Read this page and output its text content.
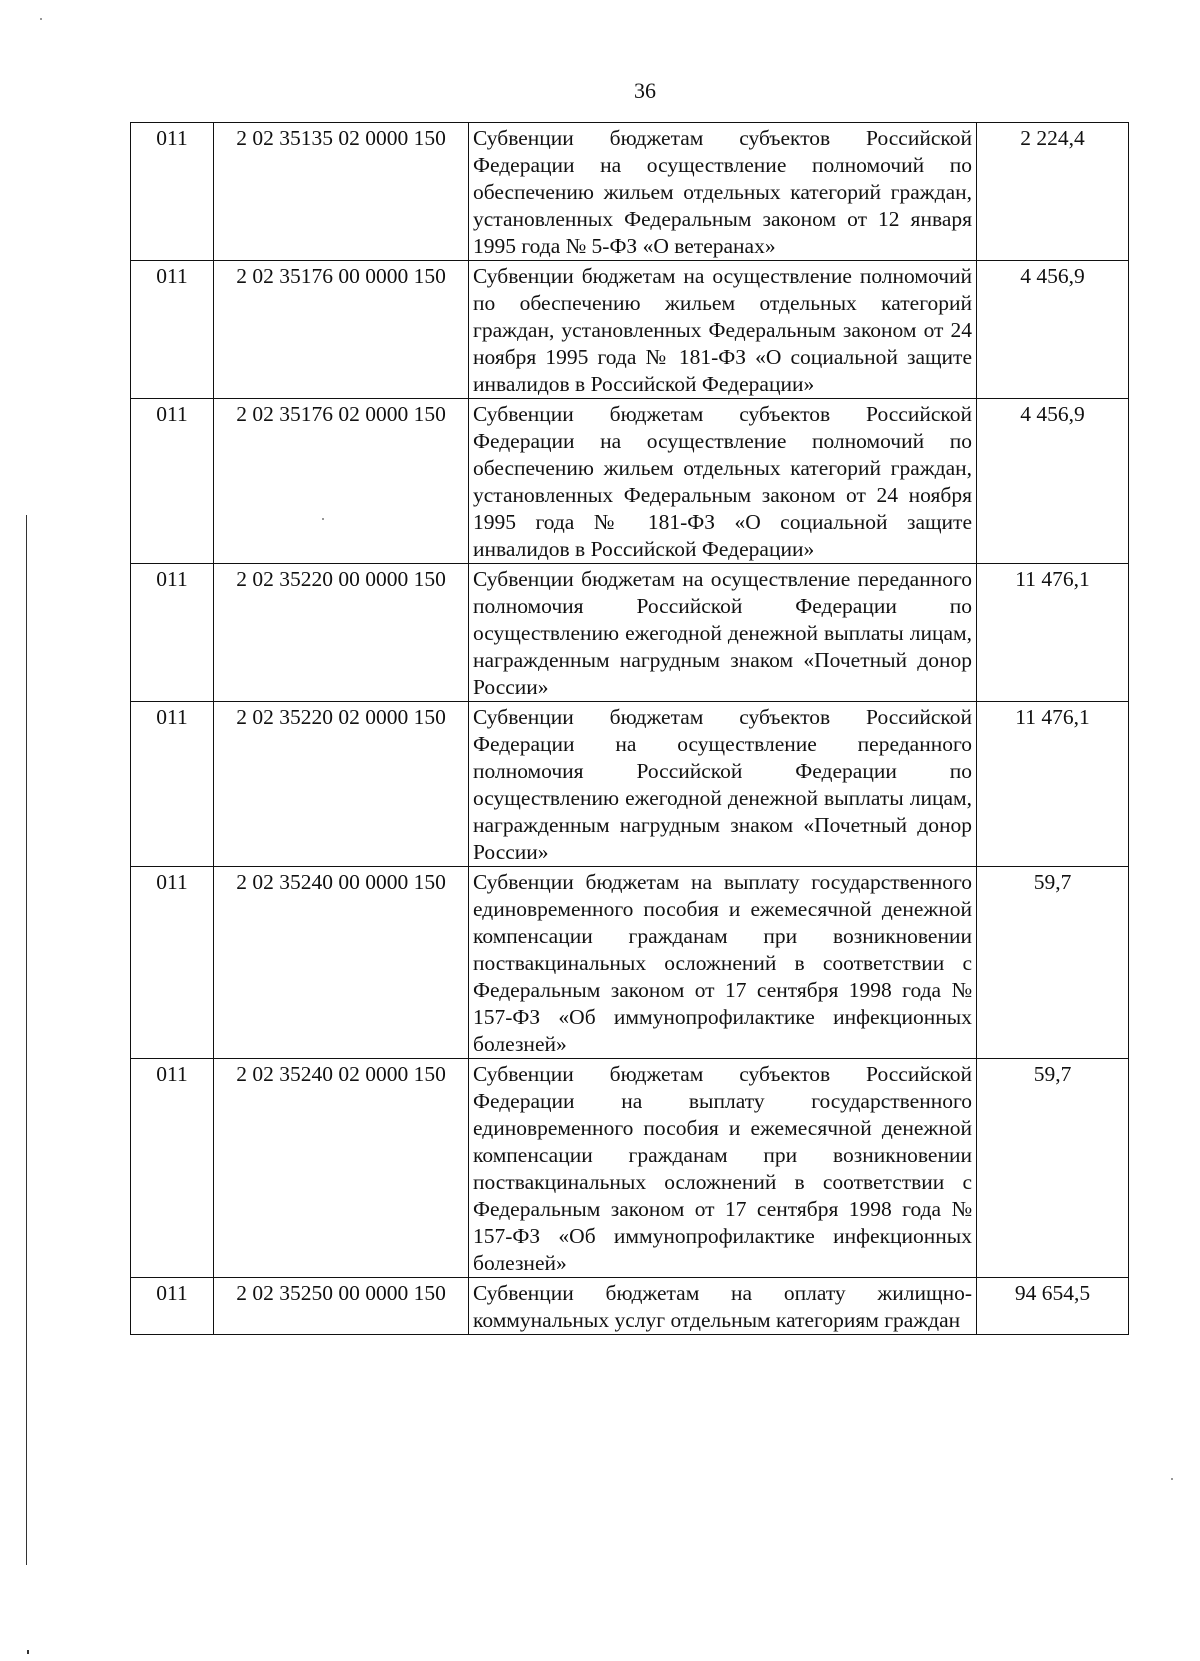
36
011	2 02 35135 02 0000 150	Субвенции бюджетам субъектов Российской Федерации на осуществление полномочий по обеспечению жильем отдельных категорий граждан, установленных Федеральным законом от 12 января 1995 года № 5-ФЗ «О ветеранах»	2 224,4
011	2 02 35176 00 0000 150	Субвенции бюджетам на осуществление полномочий по обеспечению жильем отдельных категорий граждан, установленных Федеральным законом от 24 ноября 1995 года № 181-ФЗ «О социальной защите инвалидов в Российской Федерации»	4 456,9
011	2 02 35176 02 0000 150	Субвенции бюджетам субъектов Российской Федерации на осуществление полномочий по обеспечению жильем отдельных категорий граждан, установленных Федеральным законом от 24 ноября 1995 года № 181-ФЗ «О социальной защите инвалидов в Российской Федерации»	4 456,9
011	2 02 35220 00 0000 150	Субвенции бюджетам на осуществление переданного полномочия Российской Федерации по осуществлению ежегодной денежной выплаты лицам, награжденным нагрудным знаком «Почетный донор России»	11 476,1
011	2 02 35220 02 0000 150	Субвенции бюджетам субъектов Российской Федерации на осуществление переданного полномочия Российской Федерации по осуществлению ежегодной денежной выплаты лицам, награжденным нагрудным знаком «Почетный донор России»	11 476,1
011	2 02 35240 00 0000 150	Субвенции бюджетам на выплату государственного единовременного пособия и ежемесячной денежной компенсации гражданам при возникновении поствакцинальных осложнений в соответствии с Федеральным законом от 17 сентября 1998 года № 157-ФЗ «Об иммунопрофилактике инфекционных болезней»	59,7
011	2 02 35240 02 0000 150	Субвенции бюджетам субъектов Российской Федерации на выплату государственного единовременного пособия и ежемесячной денежной компенсации гражданам при возникновении поствакцинальных осложнений в соответствии с Федеральным законом от 17 сентября 1998 года № 157-ФЗ «Об иммунопрофилактике инфекционных болезней»	59,7
011	2 02 35250 00 0000 150	Субвенции бюджетам на оплату жилищно-коммунальных услуг отдельным категориям граждан	94 654,5
